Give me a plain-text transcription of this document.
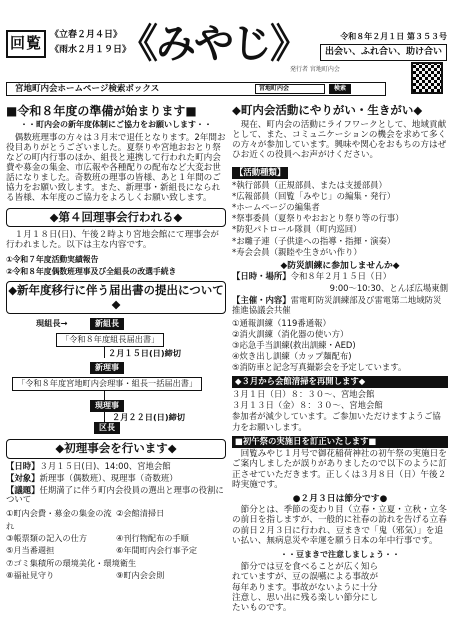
回覧 《立春２月４日》
《雨水２月１９日》
《みやじ》	令和８年２月１日 第３５３号
出会い、ふれ合い、助け合い
発行者 宮地町内会
宮地町内会ホームページ検索ボックス	宮地町内会	検索
■令和８年度の準備が始まります■
・・町内会の新年度体制にご協力をお願いします・・
偶数班理事の方々は３月末で退任となります。2年間お役目ありがとうございました。夏祭りや宮地おおとり祭などの町内行事のほか、組長と連携して行われた町内会費や募金の集金、市広報や各種配りの配布など大変お世話になりました。奇数班の理事の皆様、あと１年間のご協力をお願い致します。また、新理事・新組長になられる皆様、本年度のご協力をよろしくお願い致します。
◆第４回理事会行われる◆
１月１８日(日)、午後２時より宮地会館にて理事会が行われました。以下は主な内容です。
①令和７年度活動実績報告
②令和８年度偶数班理事及び全組長の改選手続き
◆新年度移行に伴う届出書の提出について◆
現組長→	新組長
「令和８年度組長届出書」
２月１５日(日)締切
新理事
「令和８年度宮地町内会理事・組長一括届出書」
現理事
２月２２日(日)締切
区長
◆初理事会を行います◆
【日時】３月１５日(日)、14:00、宮地会館
【対象】新理事（偶数班）、現理事（奇数班）
【議題】任期満了に伴う町内会役員の選出と理事の役割について
①町内会費・募金の集金の流れ
②会館清掃日
③帳票類の記入の仕方	④刊行物配布の手順
⑤月当番週担	⑥年間町内会行事予定
⑦ゴミ集積所の環境美化・環境衛生
⑧福祉見守り	⑨町内会会則
◆町内会活動にやりがい・生きがい◆
現在、町内会の活動にライフワークとして、地域貢献として、また、コミュニケーションの機会を求めて多くの方々が参加しています。興味や関心をおもちの方はぜひお近くの役員へお声がけください。
【活動種類】
*執行部員（正規部員、または支援部員）
*広報部員（回覧「みやじ」の編集・発行）
*ホームページの編集者
*祭事委員（夏祭りやおおとり祭り等の行事）
*防犯パトロール隊員（町内巡回）
*お囃子連（子供達への指導・指揮・演奏）
*寿会会員（親睦や生きがい作り）
◆防災訓練に参加しませんか◆
【日時・場所】令和８年２月１５日（日）
9:00～10:30、とんぼ広場東側
【主催・内容】雷電町防災訓練部及び雷電第二地域防災推進協議会共催
①通報訓練（119番通報）
②消火訓練（消化器の使い方）
③応急手当訓練(救出訓練・AED)
④炊き出し訓練（カップ麺配布)
⑤消防車と記念写真撮影会を予定しています。
◆３月から会館清掃を再開します◆
３月１日（日）８：３０～、宮地会館
３月１３日（金）８：３０～、宮地会館
参加者が減少しています。ご参加いただけますようご協力をお願いします。
■初午祭の実施日を訂正いたします■
回覧みやじ１月号で御花稲荷神社の初午祭の実施日をご案内しましたが誤りがありましたので以下のように訂正させていただきます。正しくは３月８日（日）午後２時実施です。
●２月３日は節分です●
節分とは、季節の変わり目（立春・立夏・立秋・立冬の前日を指しますが、一般的に社春の訪れを告げる立春の前日２月３日に行われ、豆まきで「鬼（邪気）」を追い払い、無病息災や幸運を願う日本の年中行事です。
・・豆まきで注意しましょう・・
節分では豆を食べることが広く知られていますが、豆の誤嚥による事故が毎年あります。事故がないように十分注意し、思い出に残る楽しい節分にしたいものです。
